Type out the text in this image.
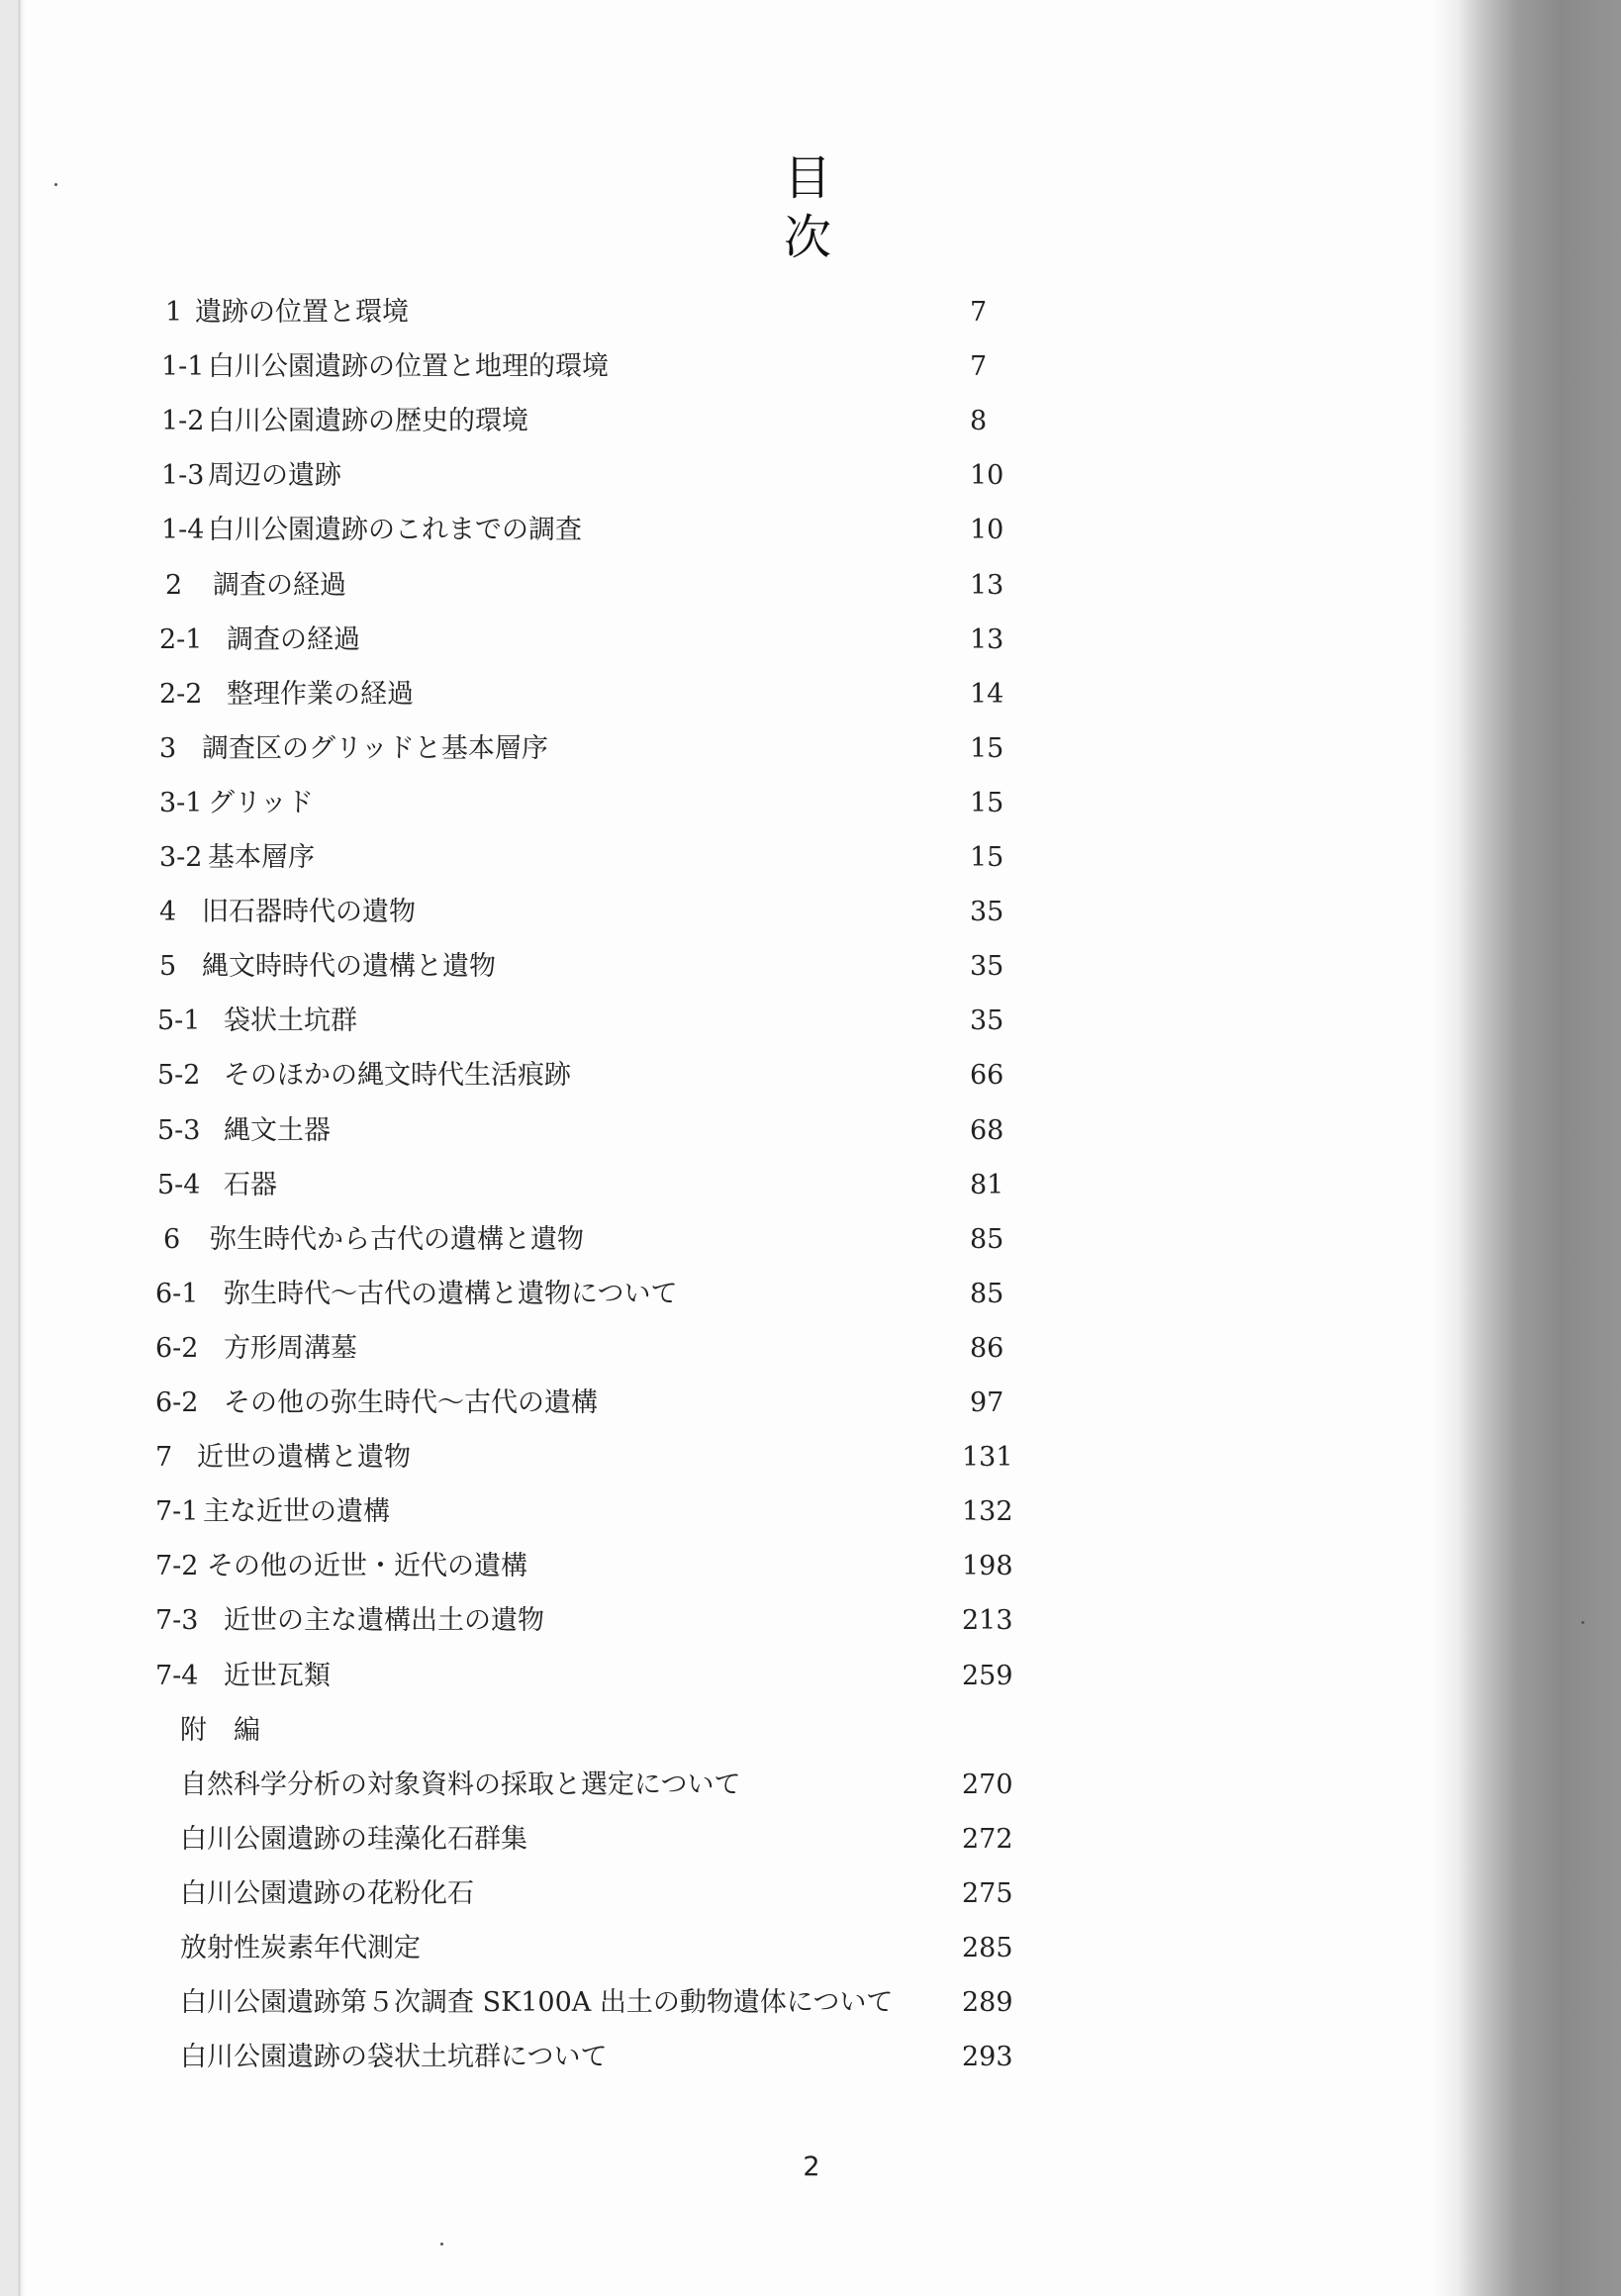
目 次
1 遺跡の位置と環境	7
1-1 白川公園遺跡の位置と地理的環境	7
1-2 白川公園遺跡の歴史的環境	8
1-3 周辺の遺跡	10
1-4 白川公園遺跡のこれまでの調査	10
2 調査の経過	13
2-1 調査の経過	13
2-2 整理作業の経過	14
3 調査区のグリッドと基本層序	15
3-1 グリッド	15
3-2 基本層序	15
4 旧石器時代の遺物	35
5 縄文時時代の遺構と遺物	35
5-1 袋状土坑群	35
5-2 そのほかの縄文時代生活痕跡	66
5-3 縄文土器	68
5-4 石器	81
6 弥生時代から古代の遺構と遺物	85
6-1 弥生時代～古代の遺構と遺物について	85
6-2 方形周溝墓	86
6-2 その他の弥生時代～古代の遺構	97
7 近世の遺構と遺物	131
7-1 主な近世の遺構	132
7-2 その他の近世・近代の遺構	198
7-3 近世の主な遺構出土の遺物	213
7-4 近世瓦類	259
附　編
自然科学分析の対象資料の採取と選定について	270
白川公園遺跡の珪藻化石群集	272
白川公園遺跡の花粉化石	275
放射性炭素年代測定	285
白川公園遺跡第５次調査 SK100A 出土の動物遺体について	289
白川公園遺跡の袋状土坑群について	293
2
